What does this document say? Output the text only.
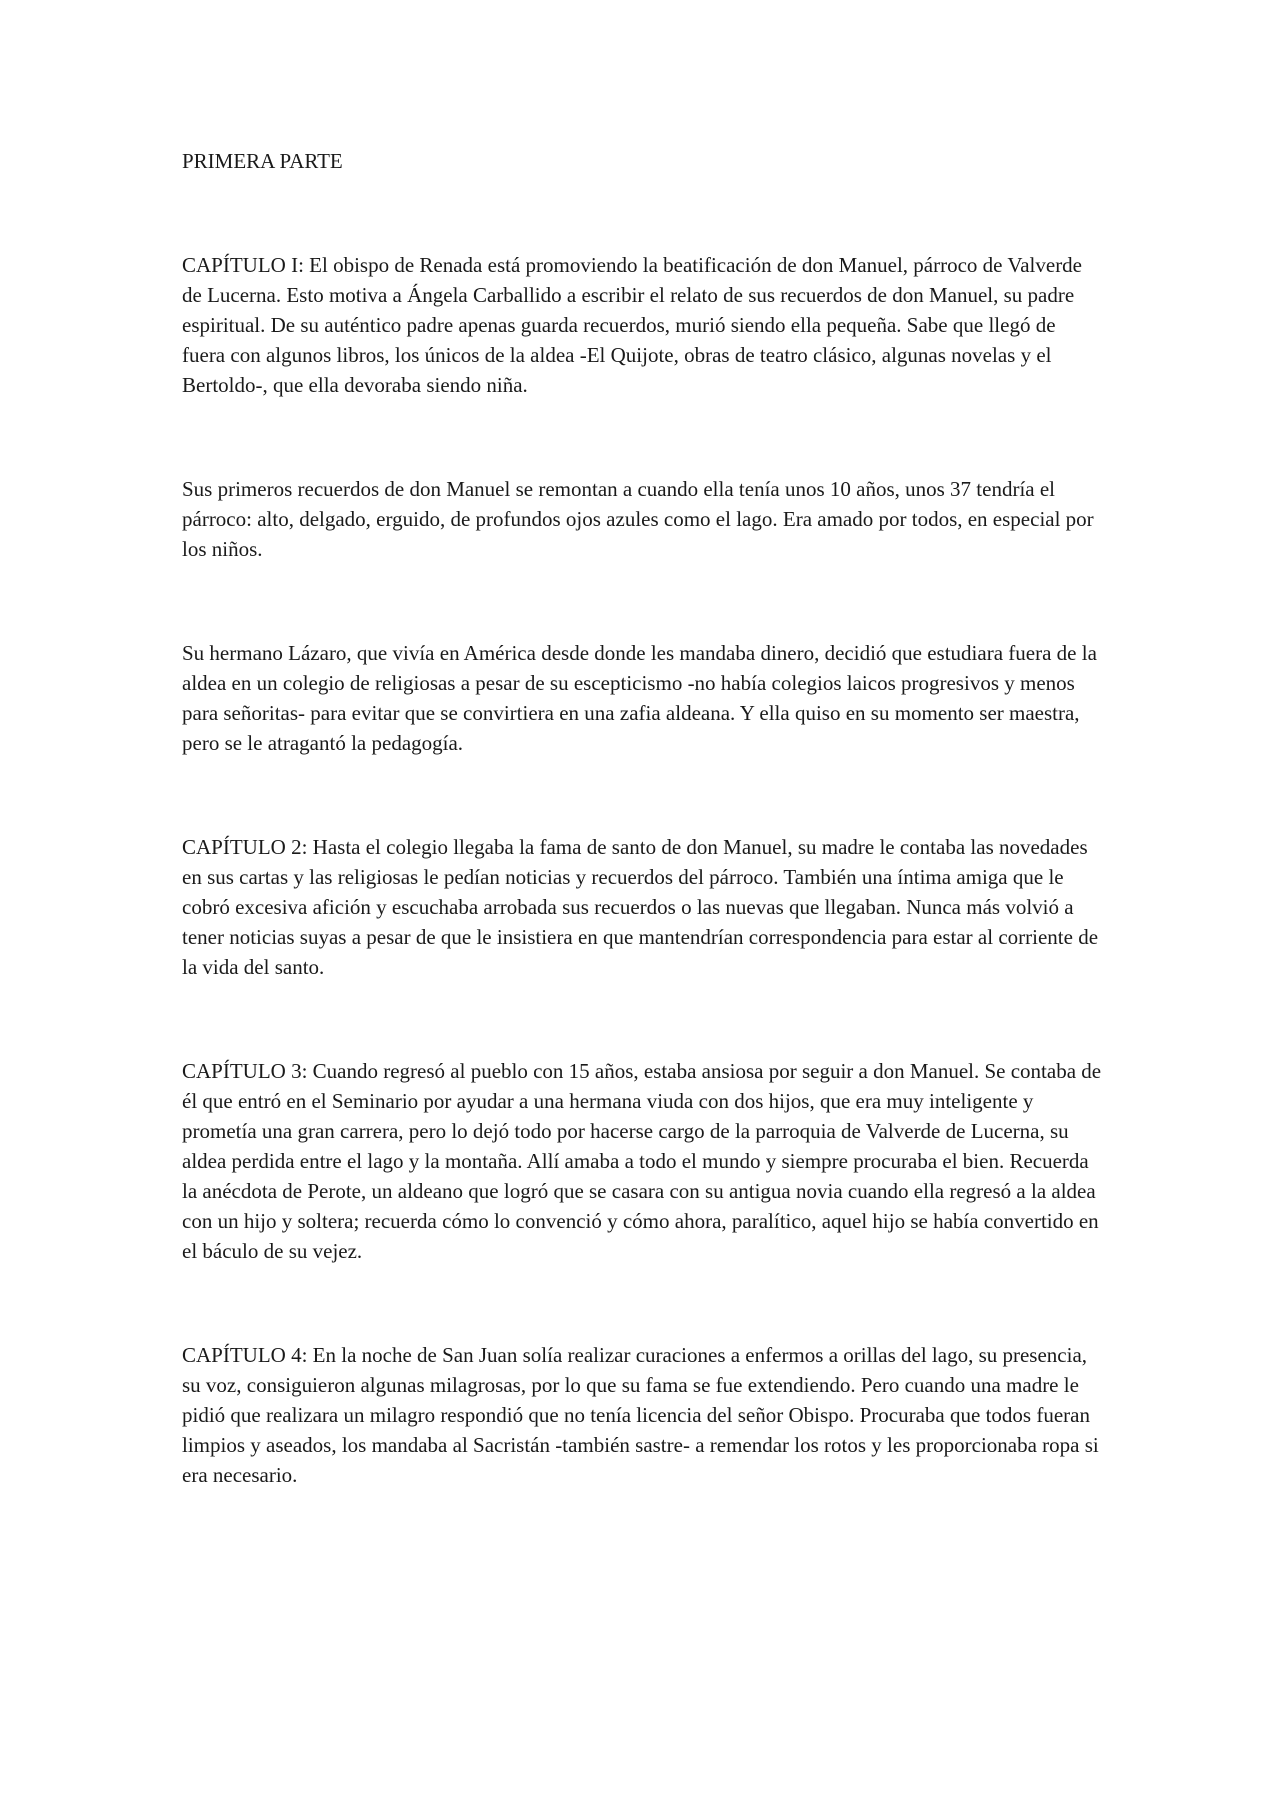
PRIMERA PARTE

CAPÍTULO I: El obispo de Renada está promoviendo la beatificación de don Manuel, párroco de Valverde de Lucerna. Esto motiva a Ángela Carballido a escribir el relato de sus recuerdos de don Manuel, su padre espiritual. De su auténtico padre apenas guarda recuerdos, murió siendo ella pequeña. Sabe que llegó de fuera con algunos libros, los únicos de la aldea -El Quijote, obras de teatro clásico, algunas novelas y el Bertoldo-, que ella devoraba siendo niña.

Sus primeros recuerdos de don Manuel se remontan a cuando ella tenía unos 10 años, unos 37 tendría el párroco: alto, delgado, erguido, de profundos ojos azules como el lago. Era amado por todos, en especial por los niños.

Su hermano Lázaro, que vivía en América desde donde les mandaba dinero, decidió que estudiara fuera de la aldea en un colegio de religiosas a pesar de su escepticismo -no había colegios laicos progresivos y menos para señoritas- para evitar que se convirtiera en una zafia aldeana. Y ella quiso en su momento ser maestra, pero se le atragantó la pedagogía.

CAPÍTULO 2: Hasta el colegio llegaba la fama de santo de don Manuel, su madre le contaba las novedades en sus cartas y las religiosas le pedían noticias y recuerdos del párroco. También una íntima amiga que le cobró excesiva afición y escuchaba arrobada sus recuerdos o las nuevas que llegaban. Nunca más volvió a tener noticias suyas a pesar de que le insistiera en que mantendrían correspondencia para estar al corriente de la vida del santo.

CAPÍTULO 3: Cuando regresó al pueblo con 15 años, estaba ansiosa por seguir a don Manuel. Se contaba de él que entró en el Seminario por ayudar a una hermana viuda con dos hijos, que era muy inteligente y prometía una gran carrera, pero lo dejó todo por hacerse cargo de la parroquia de Valverde de Lucerna, su aldea perdida entre el lago y la montaña. Allí amaba a todo el mundo y siempre procuraba el bien. Recuerda la anécdota de Perote, un aldeano que logró que se casara con su antigua novia cuando ella regresó a la aldea con un hijo y soltera; recuerda cómo lo convenció y cómo ahora, paralítico, aquel hijo se había convertido en el báculo de su vejez.

CAPÍTULO 4: En la noche de San Juan solía realizar curaciones a enfermos a orillas del lago, su presencia, su voz, consiguieron algunas milagrosas, por lo que su fama se fue extendiendo. Pero cuando una madre le pidió que realizara un milagro respondió que no tenía licencia del señor Obispo. Procuraba que todos fueran limpios y aseados, los mandaba al Sacristán -también sastre- a remendar los rotos y les proporcionaba ropa si era necesario.
